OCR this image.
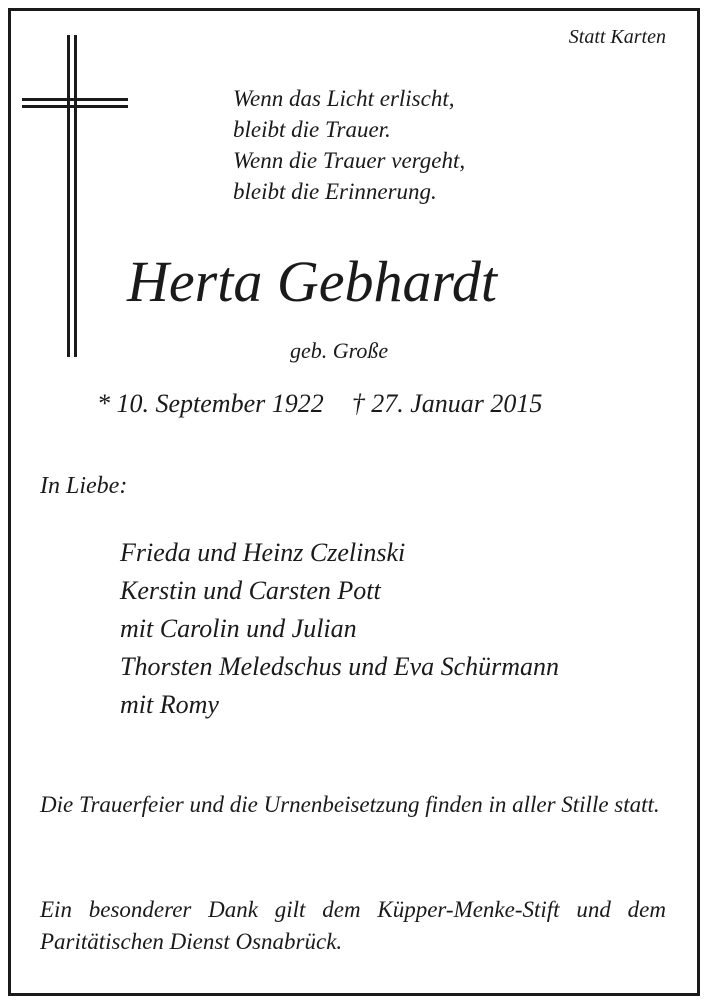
Statt Karten
Wenn das Licht erlischt,
bleibt die Trauer.
Wenn die Trauer vergeht,
bleibt die Erinnerung.
Herta Gebhardt
geb. Große
* 10. September 1922 † 27. Januar 2015
In Liebe:
Frieda und Heinz Czelinski
Kerstin und Carsten Pott
mit Carolin und Julian
Thorsten Meledschus und Eva Schürmann
mit Romy
Die Trauerfeier und die Urnenbeisetzung finden in aller Stille statt.
Ein besonderer Dank gilt dem Küpper-Menke-Stift und dem Paritätischen Dienst Osnabrück.
